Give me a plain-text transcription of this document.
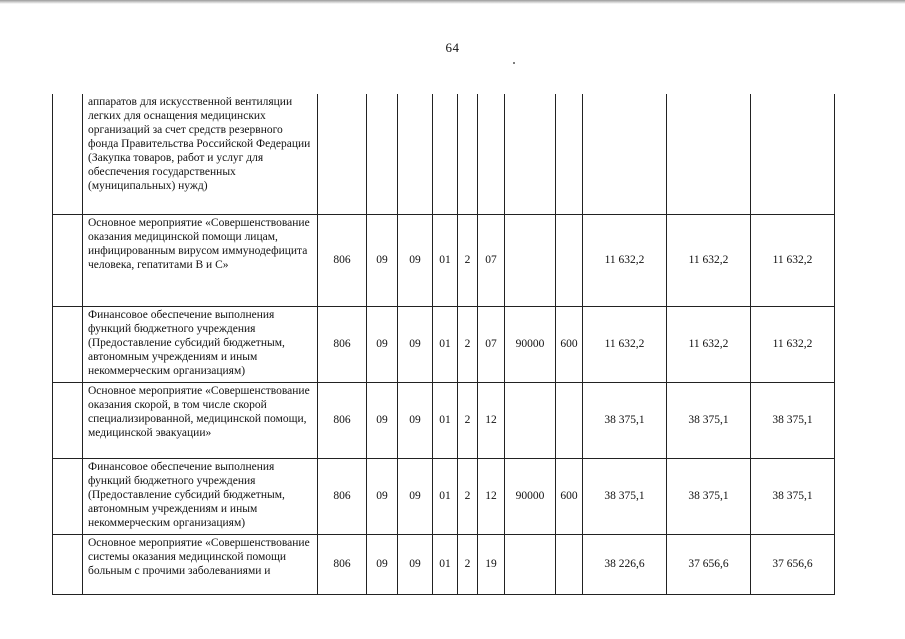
64
	аппаратов для искусственной вентиляции легких для оснащения медицинских организаций за счет средств резервного фонда Правительства Российской Федерации (Закупка товаров, работ и услуг для обеспечения государственных (муниципальных) нужд)											
	Основное мероприятие «Совершенствование оказания медицинской помощи лицам, инфицированным вирусом иммунодефицита человека, гепатитами В и С»	806	09	09	01	2	07			11 632,2	11 632,2	11 632,2
	Финансовое обеспечение выполнения функций бюджетного учреждения (Предоставление субсидий бюджетным, автономным учреждениям и иным некоммерческим организациям)	806	09	09	01	2	07	90000	600	11 632,2	11 632,2	11 632,2
	Основное мероприятие «Совершенствование оказания скорой, в том числе скорой специализированной, медицинской помощи, медицинской эвакуации»	806	09	09	01	2	12			38 375,1	38 375,1	38 375,1
	Финансовое обеспечение выполнения функций бюджетного учреждения (Предоставление субсидий бюджетным, автономным учреждениям и иным некоммерческим организациям)	806	09	09	01	2	12	90000	600	38 375,1	38 375,1	38 375,1
	Основное мероприятие «Совершенствование системы оказания медицинской помощи больным с прочими заболеваниями и	806	09	09	01	2	19			38 226,6	37 656,6	37 656,6
